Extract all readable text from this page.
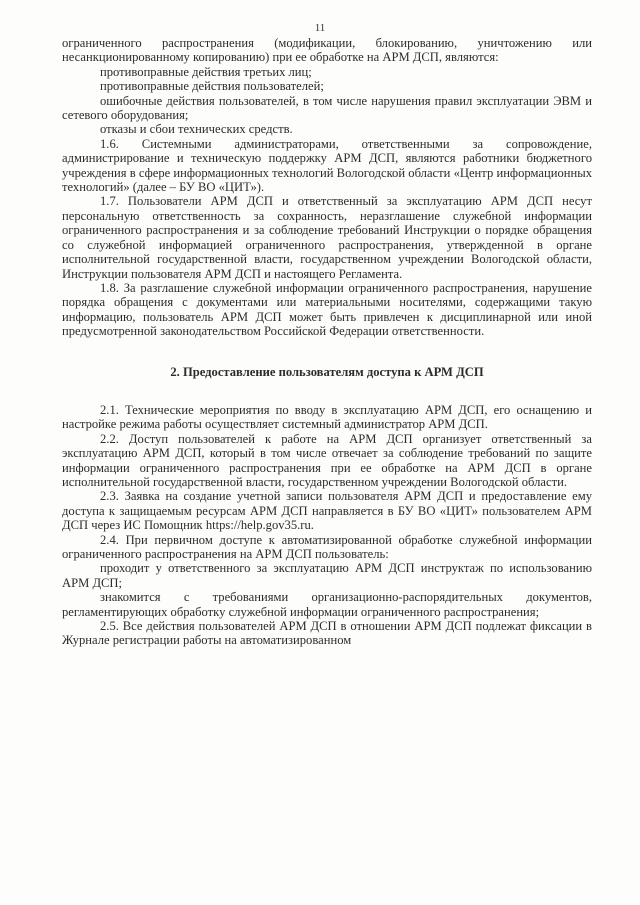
11

ограниченного распространения (модификации, блокированию, уничтожению или несанкционированному копированию) при ее обработке на АРМ ДСП, являются:

противоправные действия третьих лиц;

противоправные действия пользователей;

ошибочные действия пользователей, в том числе нарушения правил эксплуатации ЭВМ и сетевого оборудования;

отказы и сбои технических средств.

1.6. Системными администраторами, ответственными за сопровождение, администрирование и техническую поддержку АРМ ДСП, являются работники бюджетного учреждения в сфере информационных технологий Вологодской области «Центр информационных технологий» (далее – БУ ВО «ЦИТ»).

1.7. Пользователи АРМ ДСП и ответственный за эксплуатацию АРМ ДСП несут персональную ответственность за сохранность, неразглашение служебной информации ограниченного распространения и за соблюдение требований Инструкции о порядке обращения со служебной информацией ограниченного распространения, утвержденной в органе исполнительной государственной власти, государственном учреждении Вологодской области, Инструкции пользователя АРМ ДСП и настоящего Регламента.

1.8. За разглашение служебной информации ограниченного распространения, нарушение порядка обращения с документами или материальными носителями, содержащими такую информацию, пользователь АРМ ДСП может быть привлечен к дисциплинарной или иной предусмотренной законодательством Российской Федерации ответственности.

2. Предоставление пользователям доступа к АРМ ДСП

2.1. Технические мероприятия по вводу в эксплуатацию АРМ ДСП, его оснащению и настройке режима работы осуществляет системный администратор АРМ ДСП.

2.2. Доступ пользователей к работе на АРМ ДСП организует ответственный за эксплуатацию АРМ ДСП, который в том числе отвечает за соблюдение требований по защите информации ограниченного распространения при ее обработке на АРМ ДСП в органе исполнительной государственной власти, государственном учреждении Вологодской области.

2.3. Заявка на создание учетной записи пользователя АРМ ДСП и предоставление ему доступа к защищаемым ресурсам АРМ ДСП направляется в БУ ВО «ЦИТ» пользователем АРМ ДСП через ИС Помощник https://help.gov35.ru.

2.4. При первичном доступе к автоматизированной обработке служебной информации ограниченного распространения на АРМ ДСП пользователь:

проходит у ответственного за эксплуатацию АРМ ДСП инструктаж по использованию АРМ ДСП;

знакомится с требованиями организационно-распорядительных документов, регламентирующих обработку служебной информации ограниченного распространения;

2.5. Все действия пользователей АРМ ДСП в отношении АРМ ДСП подлежат фиксации в Журнале регистрации работы на автоматизированном
